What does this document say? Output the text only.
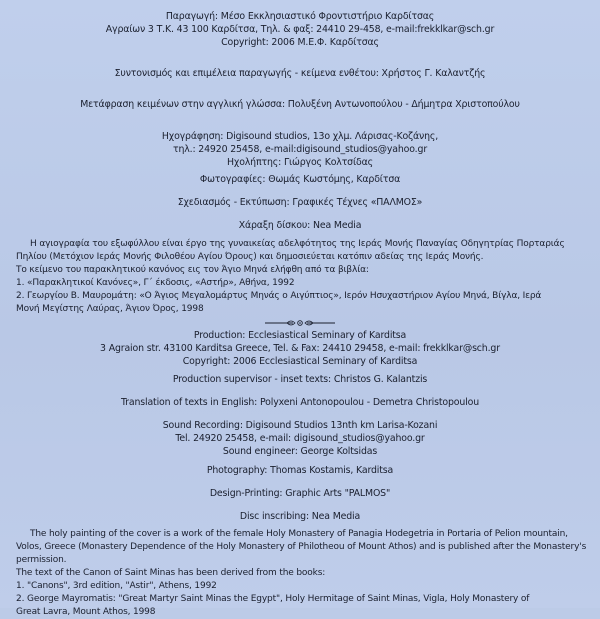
Παραγωγή: Μέσο Εκκλησιαστικό Φροντιστήριο Καρδίτσας
Αγραίων 3 Τ.Κ. 43 100 Καρδίτσα, Τηλ. & φαξ: 24410 29-458, e-mail:frekklkar@sch.gr
Copyright: 2006 Μ.Ε.Φ. Καρδίτσας
Συντονισμός και επιμέλεια παραγωγής - κείμενα ενθέτου: Χρήστος Γ. Καλαντζής
Μετάφραση κειμένων στην αγγλική γλώσσα: Πολυξένη Αντωνοπούλου - Δήμητρα Χριστοπούλου
Ηχογράφηση: Digisound studios, 13ο χλμ. Λάρισας-Κοζάνης,
τηλ.: 24920 25458, e-mail:digisound_studios@yahoo.gr
Ηχολήπτης: Γιώργος Κολτσίδας
Φωτογραφίες: Θωμάς Κωστόμης, Καρδίτσα
Σχεδιασμός - Εκτύπωση: Γραφικές Τέχνες «ΠΑΛΜΟΣ»
Χάραξη δίσκου: Nea Media
Η αγιογραφία του εξωφύλλου είναι έργο της γυναικείας αδελφότητος της Ιεράς Μονής Παναγίας Οδηγητρίας Πορταριάς
Πηλίου (Μετόχιον Ιεράς Μονής Φιλοθέου Αγίου Όρους) και δημοσιεύεται κατόπιν αδείας της Ιεράς Μονής.
Το κείμενο του παρακλητικού κανόνος εις τον Άγιο Μηνά ελήφθη από τα βιβλία:
1. «Παρακλητικοί Κανόνες», Γ΄ έκδοσις, «Αστήρ», Αθήνα, 1992
2. Γεωργίου Β. Μαυρομάτη: «Ο Άγιος Μεγαλομάρτυς Μηνάς ο Αιγύπτιος», Ιερόν Ησυχαστήριον Αγίου Μηνά, Βίγλα, Ιερά
Μονή Μεγίστης Λαύρας, Άγιον Όρος, 1998
Production: Ecclesiastical Seminary of Karditsa
3 Agraion str. 43100 Karditsa Greece, Tel. & Fax: 24410 29458, e-mail: frekklkar@sch.gr
Copyright: 2006 Ecclesiastical Seminary of Karditsa
Production supervisor - inset texts: Christos G. Kalantzis
Translation of texts in English: Polyxeni Antonopoulou - Demetra Christopoulou
Sound Recording: Digisound Studios 13nth km Larisa-Kozani
Tel. 24920 25458, e-mail: digisound_studios@yahoo.gr
Sound engineer: George Koltsidas
Photography: Thomas Kostamis, Karditsa
Design-Printing: Graphic Arts "PALMOS"
Disc inscribing: Nea Media
The holy painting of the cover is a work of the female Holy Monastery of Panagia Hodegetria in Portaria of Pelion mountain,
Volos, Greece (Monastery Dependence of the Holy Monastery of Philotheou of Mount Athos) and is published after the Monastery's
permission.
The text of the Canon of Saint Minas has been derived from the books:
1. "Canons", 3rd edition, "Astir", Athens, 1992
2. George Mayromatis: "Great Martyr Saint Minas the Egypt", Holy Hermitage of Saint Minas, Vigla, Holy Monastery of
Great Lavra, Mount Athos, 1998
